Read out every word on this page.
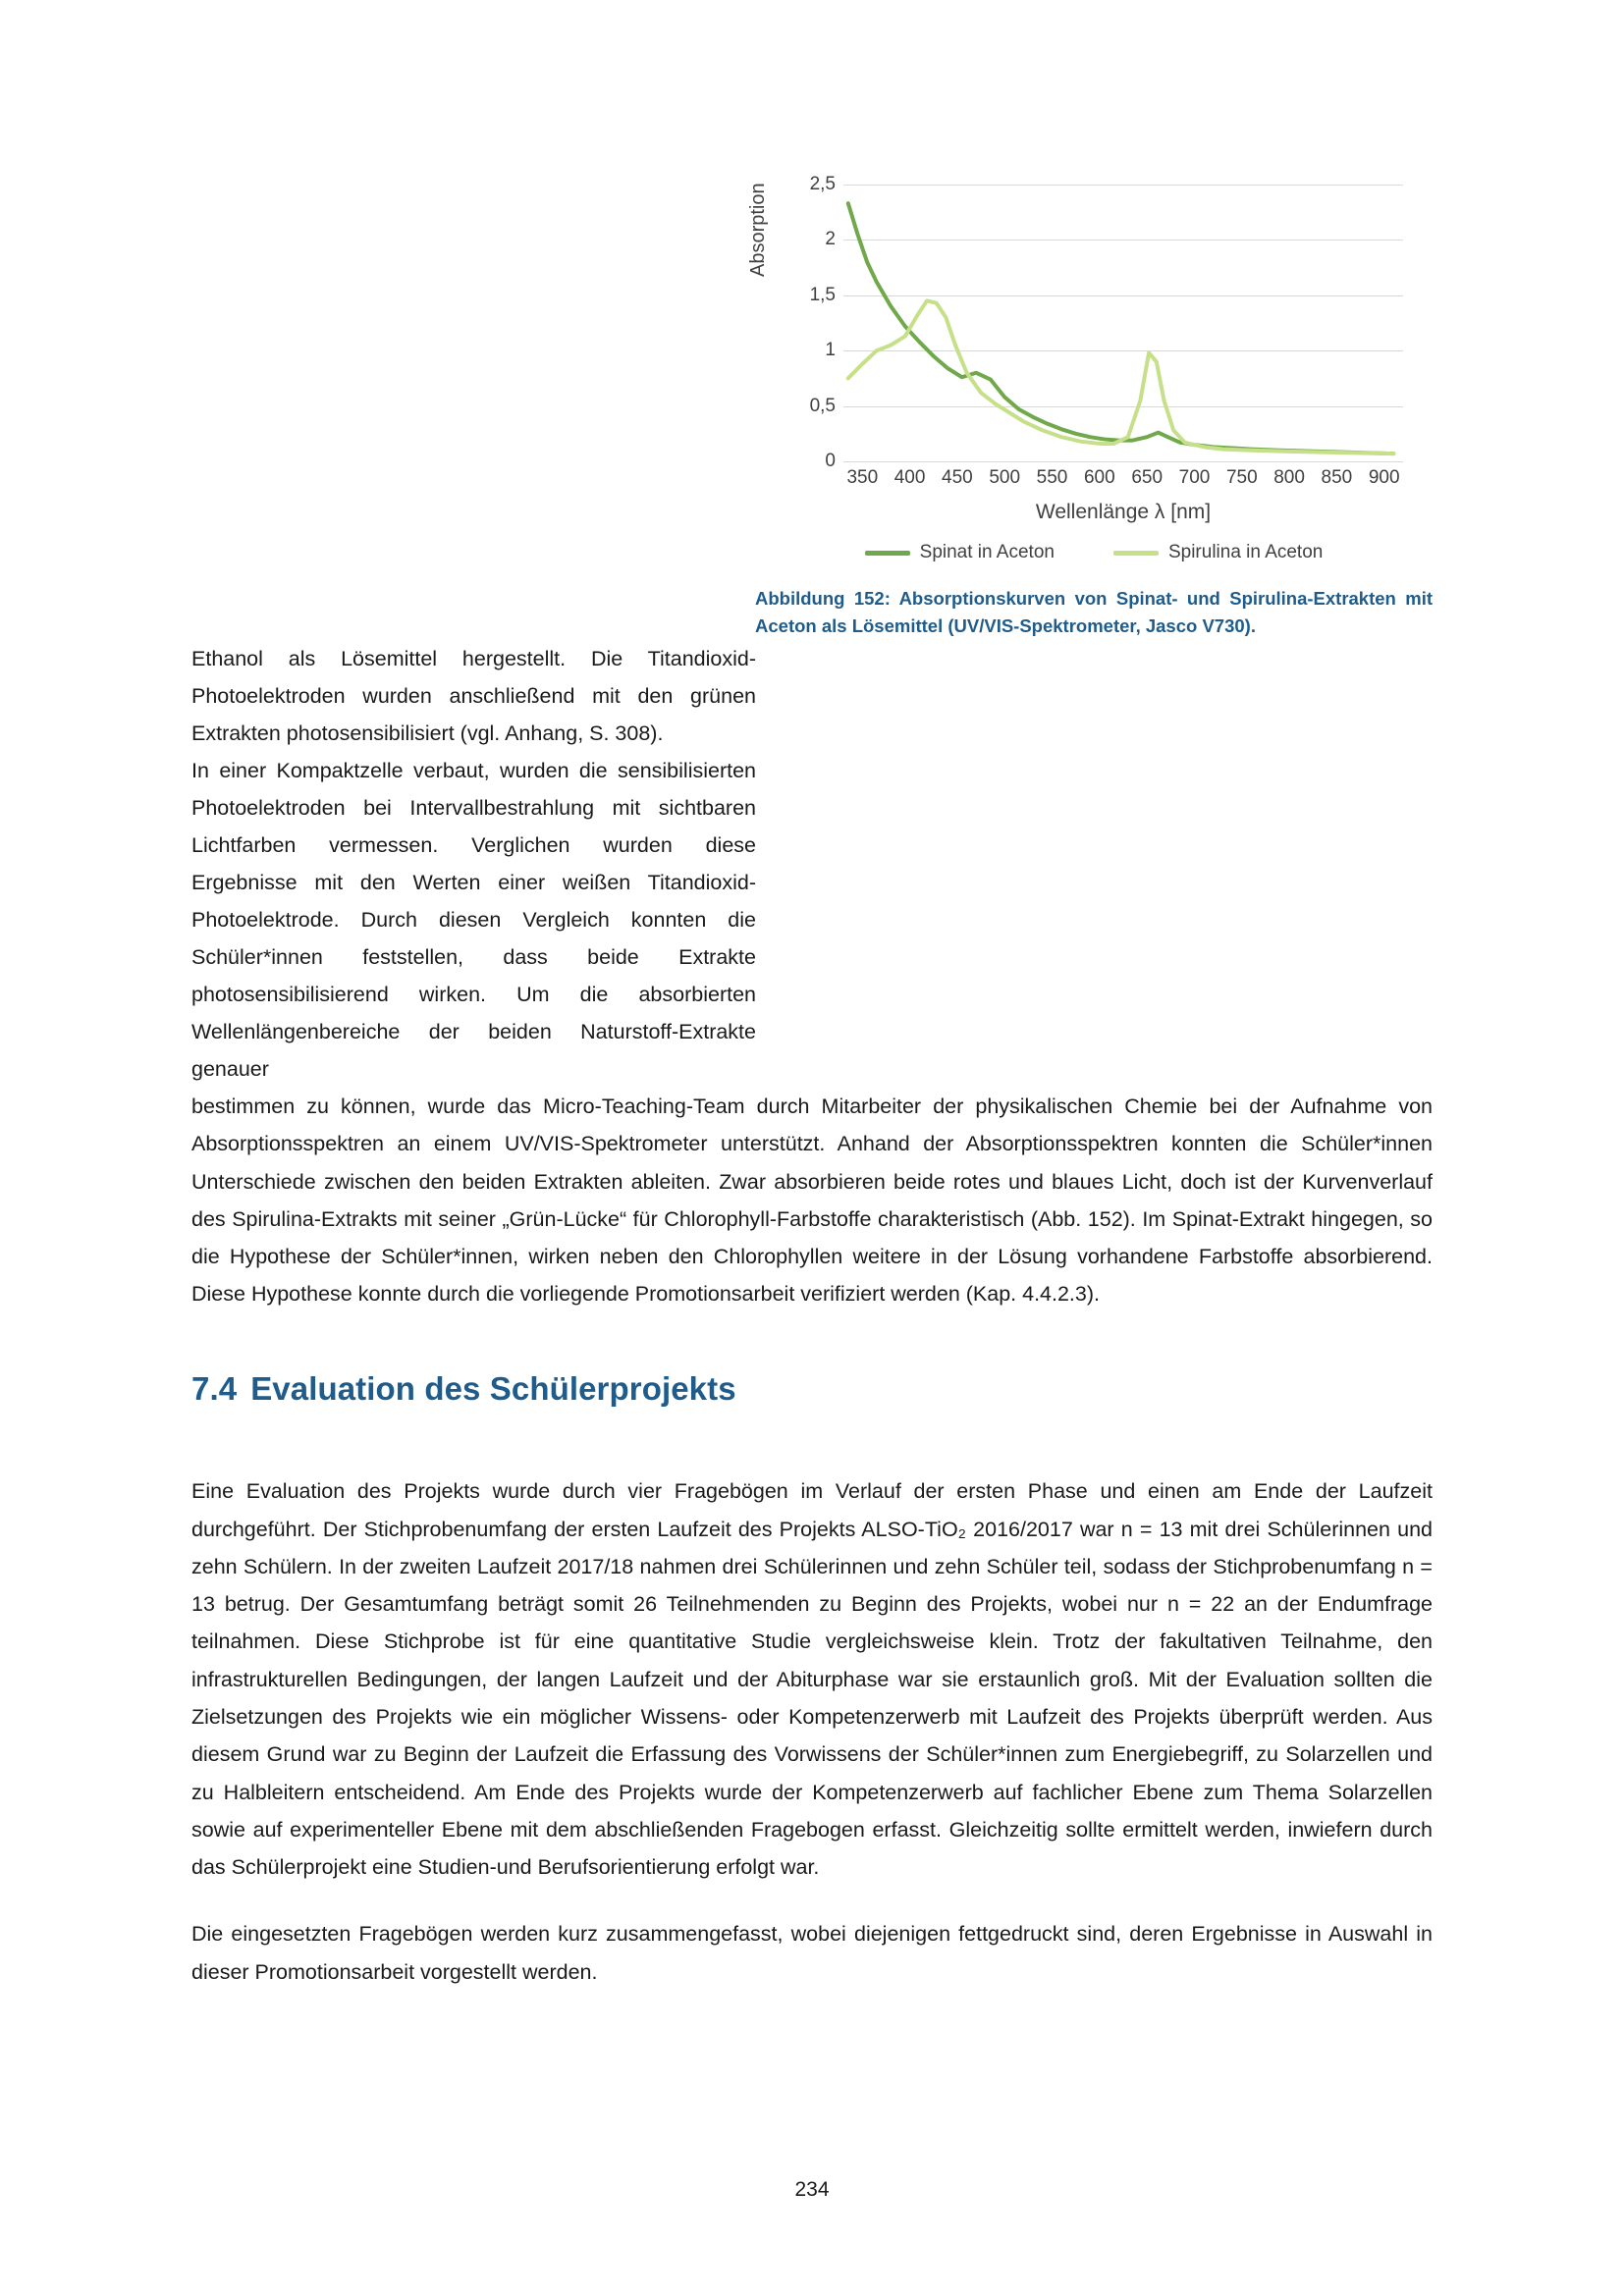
Absorption
0
0,5
1
1,5
2
2,5
350 400 450 500 550 600 650 700 750 800 850 900
Wellenlänge λ [nm]
Spinat in Aceton	Spirulina in Aceton
Abbildung 152: Absorptionskurven von Spinat- und Spirulina-Extrakten mit Aceton als Lösemittel (UV/VIS-Spektrometer, Jasco V730).

Ethanol als Lösemittel hergestellt. Die Titandioxid-Photoelektroden wurden anschließend mit den grünen Extrakten photosensibilisiert (vgl. Anhang, S. 308).

In einer Kompaktzelle verbaut, wurden die sensibilisierten Photoelektroden bei Intervallbestrahlung mit sichtbaren Lichtfarben vermessen. Verglichen wurden diese Ergebnisse mit den Werten einer weißen Titandioxid-Photoelektrode. Durch diesen Vergleich konnten die Schüler*innen feststellen, dass beide Extrakte photosensibilisierend wirken. Um die absorbierten Wellenlängenbereiche der beiden Naturstoff-Extrakte genauer

bestimmen zu können, wurde das Micro-Teaching-Team durch Mitarbeiter der physikalischen Chemie bei der Aufnahme von Absorptionsspektren an einem UV/VIS-Spektrometer unterstützt. Anhand der Absorptionsspektren konnten die Schüler*innen Unterschiede zwischen den beiden Extrakten ableiten. Zwar absorbieren beide rotes und blaues Licht, doch ist der Kurvenverlauf des Spirulina-Extrakts mit seiner „Grün-Lücke“ für Chlorophyll-Farbstoffe charakteristisch (Abb. 152). Im Spinat-Extrakt hingegen, so die Hypothese der Schüler*innen, wirken neben den Chlorophyllen weitere in der Lösung vorhandene Farbstoffe absorbierend. Diese Hypothese konnte durch die vorliegende Promotionsarbeit verifiziert werden (Kap. 4.4.2.3).

7.4 Evaluation des Schülerprojekts

Eine Evaluation des Projekts wurde durch vier Fragebögen im Verlauf der ersten Phase und einen am Ende der Laufzeit durchgeführt. Der Stichprobenumfang der ersten Laufzeit des Projekts ALSO-TiO₂ 2016/2017 war n = 13 mit drei Schülerinnen und zehn Schülern. In der zweiten Laufzeit 2017/18 nahmen drei Schülerinnen und zehn Schüler teil, sodass der Stichprobenumfang n = 13 betrug. Der Gesamtumfang beträgt somit 26 Teilnehmenden zu Beginn des Projekts, wobei nur n = 22 an der Endumfrage teilnahmen. Diese Stichprobe ist für eine quantitative Studie vergleichsweise klein. Trotz der fakultativen Teilnahme, den infrastrukturellen Bedingungen, der langen Laufzeit und der Abiturphase war sie erstaunlich groß. Mit der Evaluation sollten die Zielsetzungen des Projekts wie ein möglicher Wissens- oder Kompetenzerwerb mit Laufzeit des Projekts überprüft werden. Aus diesem Grund war zu Beginn der Laufzeit die Erfassung des Vorwissens der Schüler*innen zum Energiebegriff, zu Solarzellen und zu Halbleitern entscheidend. Am Ende des Projekts wurde der Kompetenzerwerb auf fachlicher Ebene zum Thema Solarzellen sowie auf experimenteller Ebene mit dem abschließenden Fragebogen erfasst. Gleichzeitig sollte ermittelt werden, inwiefern durch das Schülerprojekt eine Studien-und Berufsorientierung erfolgt war.

Die eingesetzten Fragebögen werden kurz zusammengefasst, wobei diejenigen fettgedruckt sind, deren Ergebnisse in Auswahl in dieser Promotionsarbeit vorgestellt werden.

234
